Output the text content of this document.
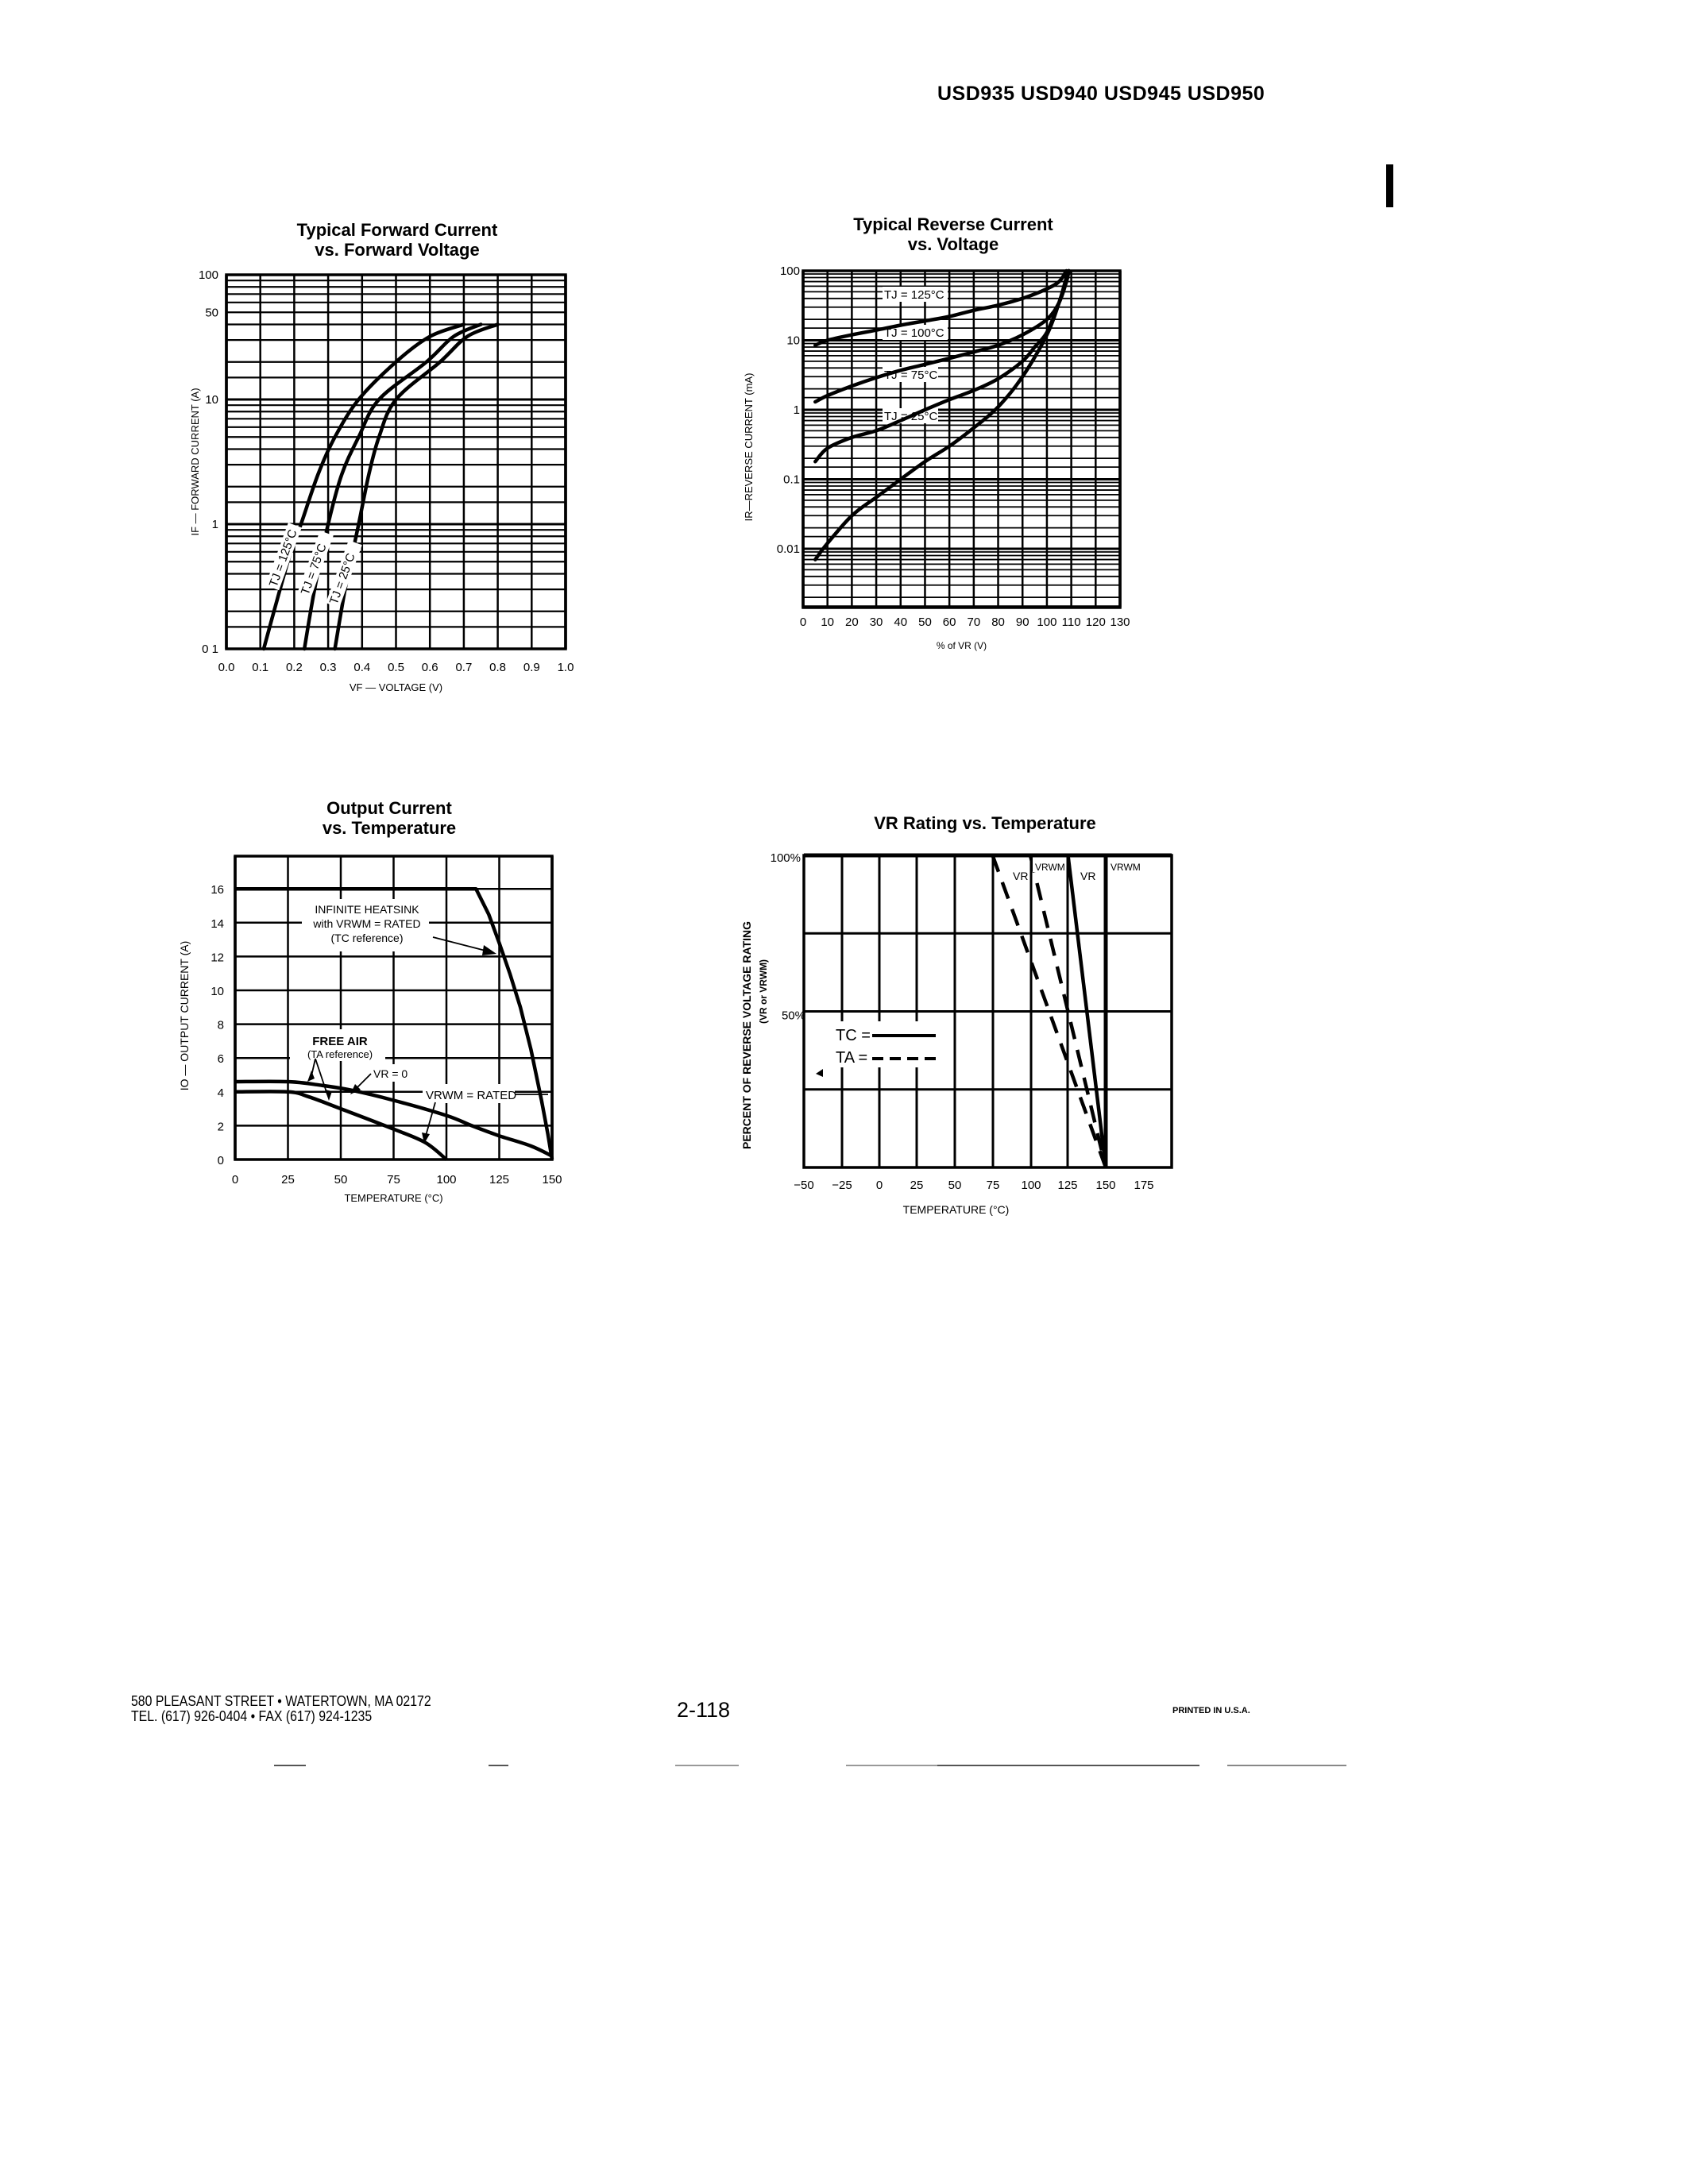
USD935 USD940 USD945 USD950
Typical Forward Current
vs. Forward Voltage
0.0 0.1 0.2 0.3 0.4 0.5 0.6 0.7 0.8 0.9 1.0
100
50
10
1
0 1
VF — VOLTAGE (V)
IF — FORWARD CURRENT (A)
TJ = 125°C
TJ = 75°C
TJ = 25°C
Typical Reverse Current
vs. Voltage
0 10 20 30 40 50 60 70 80 90 100 110 120 130
100
10
1
0.1
0.01
% of VR (V)
IR—REVERSE CURRENT (mA)
TJ = 125°C
TJ = 100°C
TJ = 75°C
TJ = 25°C
Output Current
vs. Temperature
0	25	50	75	100	125	150
0
2
4
6
8
10
12
14
16
TEMPERATURE (°C)
IO — OUTPUT CURRENT (A)
INFINITE HEATSINK
with VRWM = RATED
(TC reference)
FREE AIR
(TA reference)
VR = 0
VRWM = RATED
VR Rating vs. Temperature
−50 −25 0 25 50 75 100 125 150 175
100%
50%
TEMPERATURE (°C)
PERCENT OF REVERSE VOLTAGE RATING (VR or VRWM)
TC =
TA =
VR
VRWM
VR
VRWM
580 PLEASANT STREET • WATERTOWN, MA 02172
TEL. (617) 926-0404 • FAX (617) 924-1235	2-118	PRINTED IN U.S.A.
